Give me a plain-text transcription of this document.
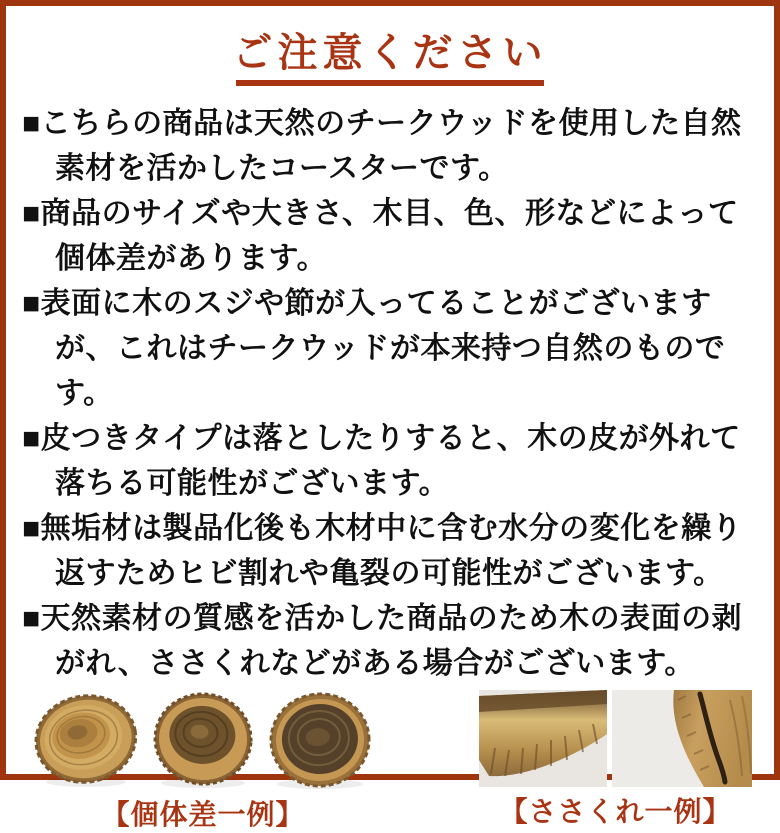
ご注意ください
■こちらの商品は天然のチークウッドを使用した自然素材を活かしたコースターです。
■商品のサイズや大きさ、木目、色、形などによって個体差があります。
■表面に木のスジや節が入ってることがございますが、これはチークウッドが本来持つ自然のものです。
■皮つきタイプは落としたりすると、木の皮が外れて落ちる可能性がございます。
■無垢材は製品化後も木材中に含む水分の変化を繰り返すためヒビ割れや亀裂の可能性がございます。
■天然素材の質感を活かした商品のため木の表面の剥がれ、ささくれなどがある場合がございます。
【個体差一例】	【ささくれ一例】
